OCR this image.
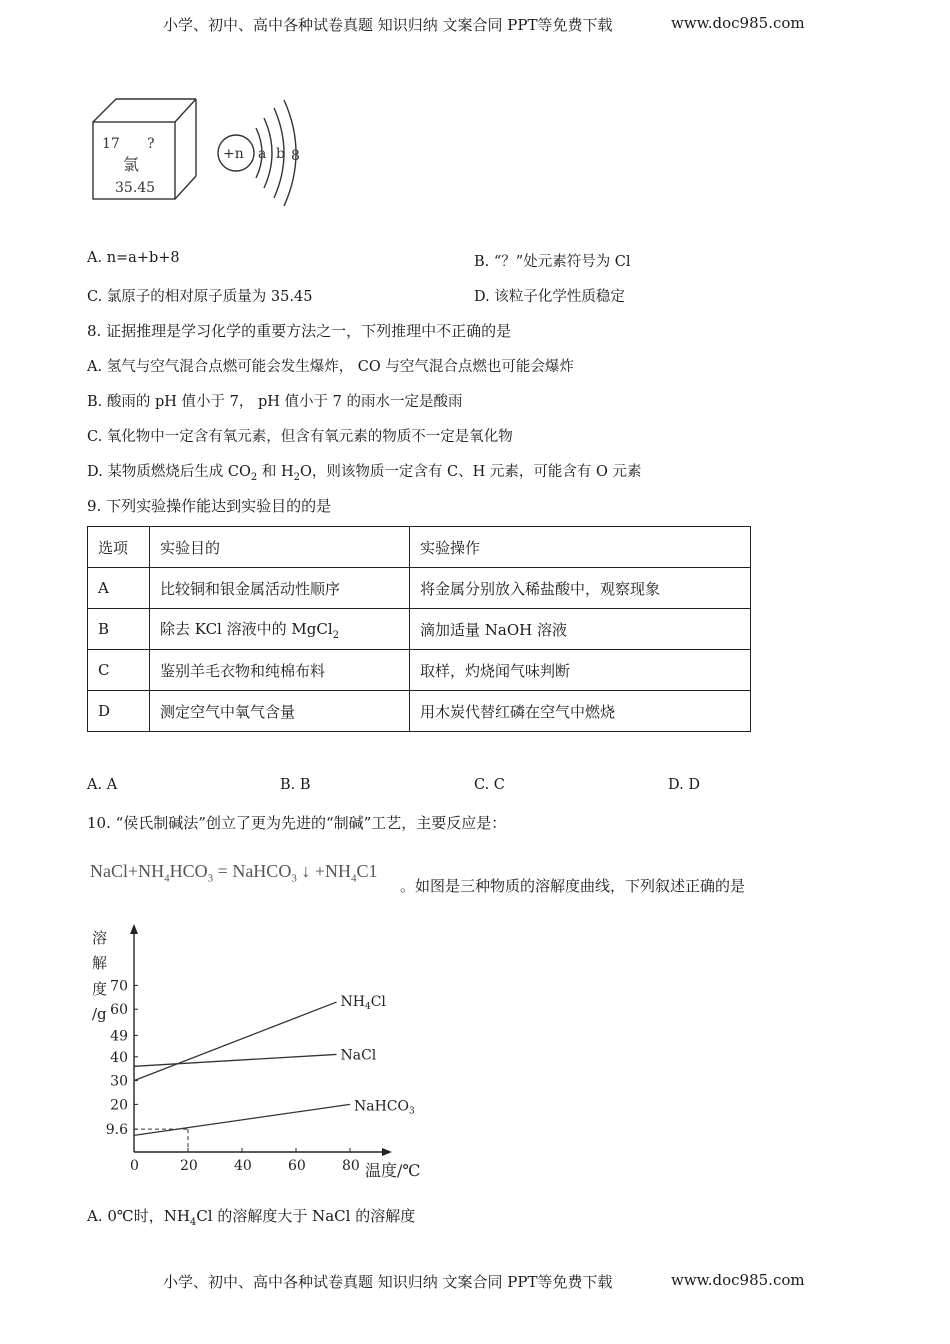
小学、初中、高中各种试卷真题 知识归纳 文案合同 PPT等免费下载	www.doc985.com
17 ?
氯
35.45
+n a b 8
A. n=a+b+8	B. “？”处元素符号为 Cl
C. 氯原子的相对原子质量为 35.45	D. 该粒子化学性质稳定
8. 证据推理是学习化学的重要方法之一，下列推理中不正确的是
A. 氢气与空气混合点燃可能会发生爆炸， CO 与空气混合点燃也可能会爆炸
B. 酸雨的 pH 值小于 7， pH 值小于 7 的雨水一定是酸雨
C. 氧化物中一定含有氧元素，但含有氧元素的物质不一定是氧化物
D. 某物质燃烧后生成 $CO_2$ 和 $H_2O$，则该物质一定含有 C、H 元素，可能含有 O 元素
9. 下列实验操作能达到实验目的的是
选项	实验目的	实验操作
A	比较铜和银金属活动性顺序	将金属分别放入稀盐酸中，观察现象
B	除去 KCl 溶液中的 MgCl$_2$	滴加适量 NaOH 溶液
C	鉴别羊毛衣物和纯棉布料	取样，灼烧闻气味判断
D	测定空气中氧气含量	用木炭代替红磷在空气中燃烧
A. A	B. B	C. C	D. D
10. “侯氏制碱法”创立了更为先进的“制碱”工艺，主要反应是：
$NaCl+NH_4HCO_3$ = NaHCO$_3$ ↓ $+NH_4C1$
。如图是三种物质的溶解度曲线，下列叙述正确的是
溶
解
度
/g
温度/℃
0	20	40	60	80
9.6
20
30
40
49
60
70
$NH_4Cl$
NaCl
NaHCO$_3$
A. 0℃时，$NH_4Cl$ 的溶解度大于 NaCl 的溶解度
小学、初中、高中各种试卷真题 知识归纳 文案合同 PPT等免费下载	www.doc985.com
